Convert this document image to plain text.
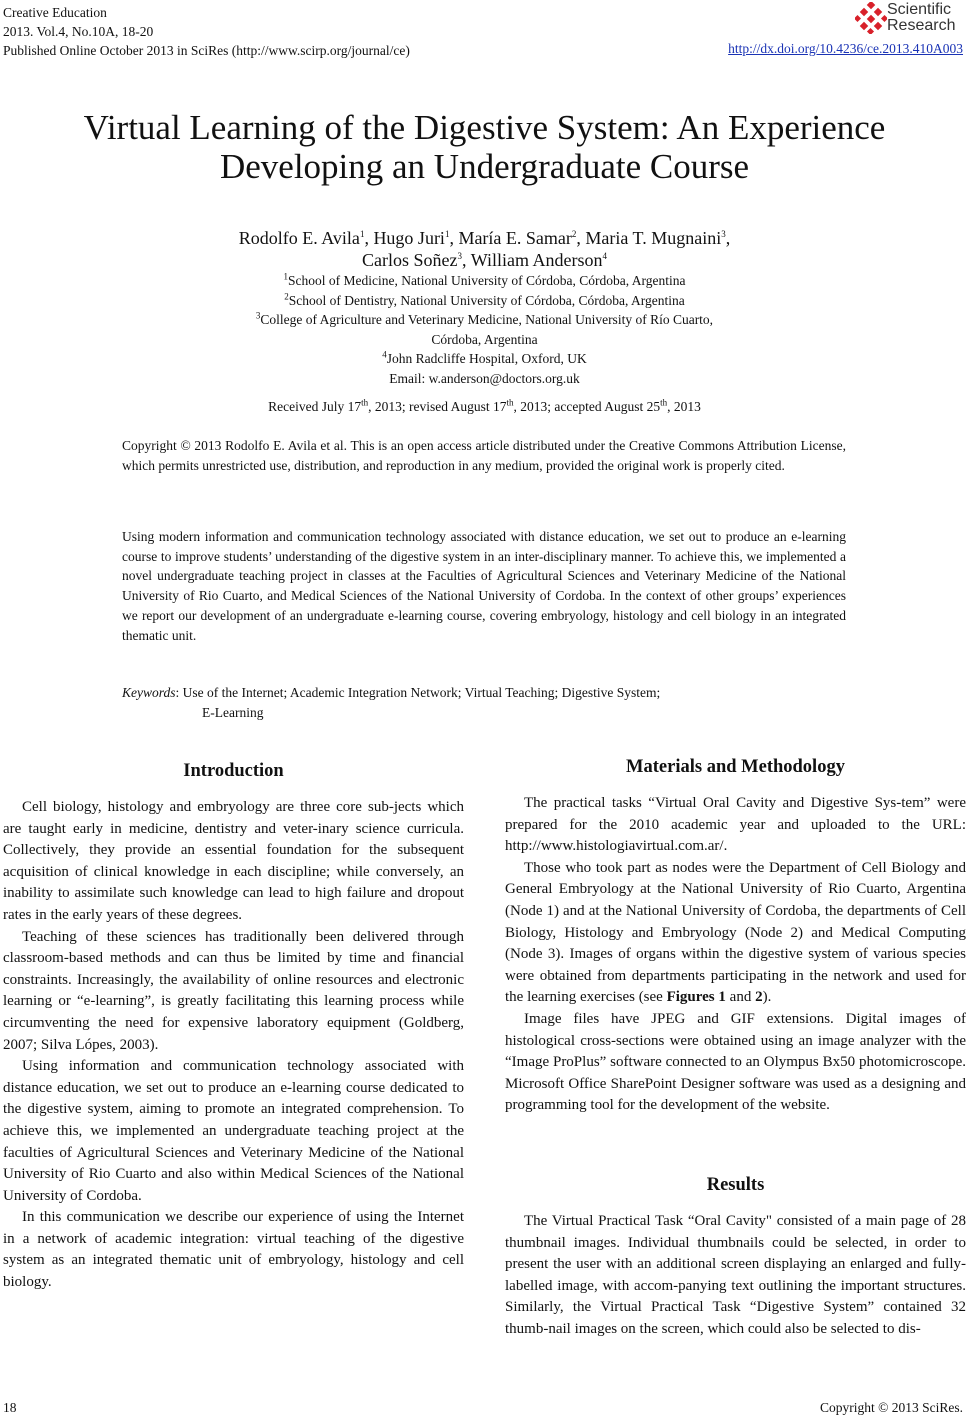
Creative Education
2013. Vol.4, No.10A, 18-20
Published Online October 2013 in SciRes (http://www.scirp.org/journal/ce)
Scientific
Research
http://dx.doi.org/10.4236/ce.2013.410A003
Virtual Learning of the Digestive System: An Experience
Developing an Undergraduate Course
Rodolfo E. Avila$^1$, Hugo Juri$^1$, María E. Samar$^2$, Maria T. Mugnaini$^3$,
Carlos Soñez$^3$, William Anderson$^4$
$^1$School of Medicine, National University of Córdoba, Córdoba, Argentina
$^2$School of Dentistry, National University of Córdoba, Córdoba, Argentina
$^3$College of Agriculture and Veterinary Medicine, National University of Río Cuarto,
Córdoba, Argentina
$^4$John Radcliffe Hospital, Oxford, UK
Email: w.anderson@doctors.org.uk
Received July 17th, 2013; revised August 17th, 2013; accepted August 25th, 2013
Copyright © 2013 Rodolfo E. Avila et al. This is an open access article distributed under the Creative Commons Attribution License, which permits unrestricted use, distribution, and reproduction in any medium, provided the original work is properly cited.
Using modern information and communication technology associated with distance education, we set out to produce an e-learning course to improve students’ understanding of the digestive system in an inter-disciplinary manner. To achieve this, we implemented a novel undergraduate teaching project in classes at the Faculties of Agricultural Sciences and Veterinary Medicine of the National University of Rio Cuarto, and Medical Sciences of the National University of Cordoba. In the context of other groups’ experiences we report our development of an undergraduate e-learning course, covering embryology, histology and cell biology in an integrated thematic unit.
Keywords: Use of the Internet; Academic Integration Network; Virtual Teaching; Digestive System;
E-Learning
Introduction

Cell biology, histology and embryology are three core sub-jects which are taught early in medicine, dentistry and veter-inary science curricula. Collectively, they provide an essential foundation for the subsequent acquisition of clinical knowledge in each discipline; while conversely, an inability to assimilate such knowledge can lead to high failure and dropout rates in the early years of these degrees.

Teaching of these sciences has traditionally been delivered through classroom-based methods and can thus be limited by time and financial constraints. Increasingly, the availability of online resources and electronic learning or “e-learning”, is greatly facilitating this learning process while circumventing the need for expensive laboratory equipment (Goldberg, 2007; Silva Lópes, 2003).

Using information and communication technology associated with distance education, we set out to produce an e-learning course dedicated to the digestive system, aiming to promote an integrated comprehension. To achieve this, we implemented an undergraduate teaching project at the faculties of Agricultural Sciences and Veterinary Medicine of the National University of Rio Cuarto and also within Medical Sciences of the National University of Cordoba.

In this communication we describe our experience of using the Internet in a network of academic integration: virtual teaching of the digestive system as an integrated thematic unit of embryology, histology and cell biology.

Materials and Methodology

The practical tasks “Virtual Oral Cavity and Digestive Sys-tem” were prepared for the 2010 academic year and uploaded to the URL: http://www.histologiavirtual.com.ar/.

Those who took part as nodes were the Department of Cell Biology and General Embryology at the National University of Rio Cuarto, Argentina (Node 1) and at the National University of Cordoba, the departments of Cell Biology, Histology and Embryology (Node 2) and Medical Computing (Node 3). Images of organs within the digestive system of various species were obtained from departments participating in the network and used for the learning exercises (see Figures 1 and 2).

Image files have JPEG and GIF extensions. Digital images of histological cross-sections were obtained using an image analyzer with the “Image ProPlus” software connected to an Olympus Bx50 photomicroscope. Microsoft Office SharePoint Designer software was used as a designing and programming tool for the development of the website.

Results

The Virtual Practical Task “Oral Cavity" consisted of a main page of 28 thumbnail images. Individual thumbnails could be selected, in order to present the user with an additional screen displaying an enlarged and fully-labelled image, with accom-panying text outlining the important structures. Similarly, the Virtual Practical Task “Digestive System” contained 32 thumb-nail images on the screen, which could also be selected to dis-

18	Copyright © 2013 SciRes.
